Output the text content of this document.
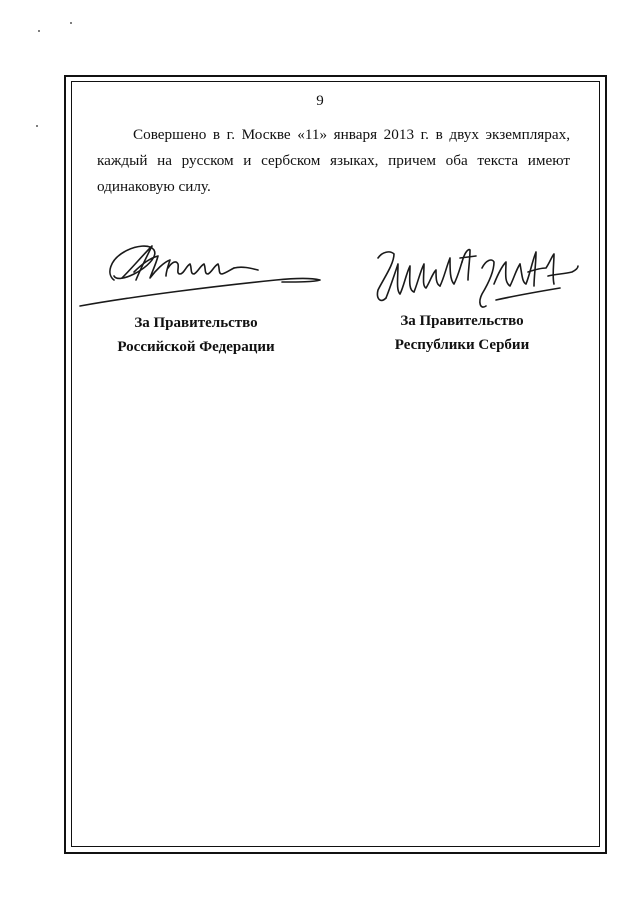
9
Совершено в г. Москве «11» января 2013 г. в двух экземплярах, каждый на русском и сербском языках, причем оба текста имеют одинаковую силу.
За Правительство
Российской Федерации
За Правительство
Республики Сербии
